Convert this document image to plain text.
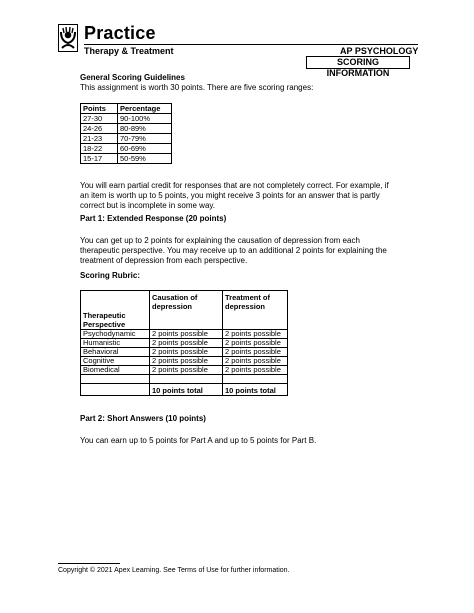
Practice
Therapy & Treatment	AP PSYCHOLOGY
SCORING INFORMATION
General Scoring Guidelines
This assignment is worth 30 points. There are five scoring ranges:
Points	Percentage
27-30	90-100%
24-26	80-89%
21-23	70-79%
18-22	60-69%
15-17	50-59%
You will earn partial credit for responses that are not completely correct. For example, if an item is worth up to 5 points, you might receive 3 points for an answer that is partly correct but is incomplete in some way.
Part 1: Extended Response (20 points)
You can get up to 2 points for explaining the causation of depression from each therapeutic perspective. You may receive up to an additional 2 points for explaining the treatment of depression from each perspective.
Scoring Rubric:
Therapeutic Perspective	Causation of depression	Treatment of depression
Psychodynamic	2 points possible	2 points possible
Humanistic	2 points possible	2 points possible
Behavioral	2 points possible	2 points possible
Cognitive	2 points possible	2 points possible
Biomedical	2 points possible	2 points possible

	10 points total	10 points total
Part 2: Short Answers (10 points)
You can earn up to 5 points for Part A and up to 5 points for Part B.
Copyright © 2021 Apex Learning. See Terms of Use for further information.
